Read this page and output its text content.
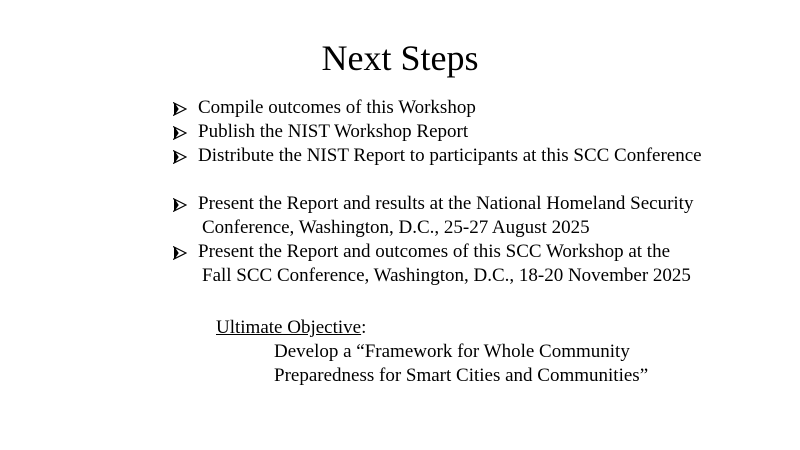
Next Steps
Compile outcomes of this Workshop
Publish the NIST Workshop Report
Distribute the NIST Report to participants at this SCC Conference
Present the Report and results at the National Homeland Security
Conference, Washington, D.C., 25-27 August 2025
Present the Report and outcomes of this SCC Workshop at the
Fall SCC Conference, Washington, D.C., 18-20 November 2025
Ultimate Objective:
Develop a “Framework for Whole Community
Preparedness for Smart Cities and Communities”
